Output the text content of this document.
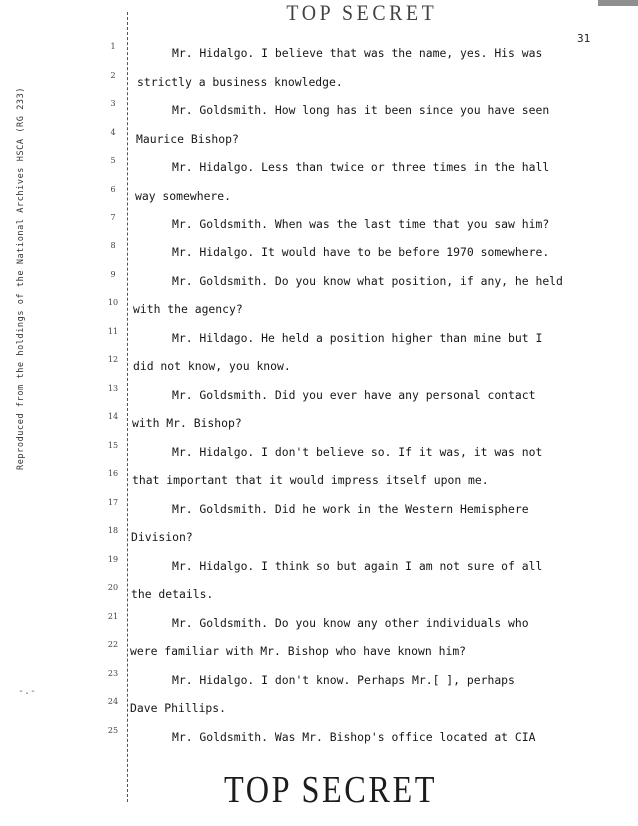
TOP SECRET
31
Reproduced from the holdings of the National Archives HSCA (RG 233)
1
2
3
4
5
6
7
8
9
10
11
12
13
14
15
16
17
18
19
20
21
22
23
24
25
Mr. Hidalgo. I believe that was the name, yes. His was
strictly a business knowledge.
Mr. Goldsmith. How long has it been since you have seen
Maurice Bishop?
Mr. Hidalgo. Less than twice or three times in the hall
way somewhere.
Mr. Goldsmith. When was the last time that you saw him?
Mr. Hidalgo. It would have to be before 1970 somewhere.
Mr. Goldsmith. Do you know what position, if any, he held
with the agency?
Mr. Hildago. He held a position higher than mine but I
did not know, you know.
Mr. Goldsmith. Did you ever have any personal contact
with Mr. Bishop?
Mr. Hidalgo. I don't believe so. If it was, it was not
that important that it would impress itself upon me.
Mr. Goldsmith. Did he work in the Western Hemisphere
Division?
Mr. Hidalgo. I think so but again I am not sure of all
the details.
Mr. Goldsmith. Do you know any other individuals who
were familiar with Mr. Bishop who have known him?
Mr. Hidalgo. I don't know. Perhaps Mr.[ ], perhaps
Dave Phillips.
Mr. Goldsmith. Was Mr. Bishop's office located at CIA
-.-
TOP SECRET
